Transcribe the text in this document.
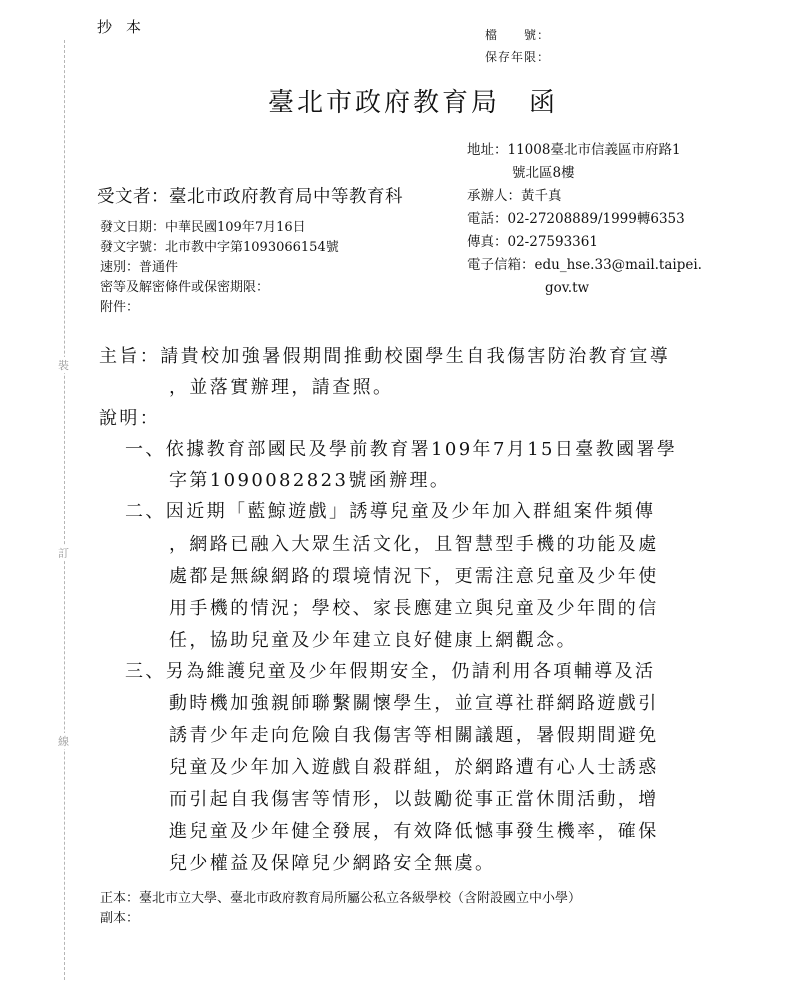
裝
訂
線
抄本	檔　　號：
保存年限：
臺北市政府教育局　函
地址：11008臺北市信義區市府路1
號北區8樓
承辦人：黃千真
電話：02-27208889/1999轉6353
傳真：02-27593361
電子信箱：edu_hse.33@mail.taipei.
gov.tw
受文者：臺北市政府教育局中等教育科
發文日期：中華民國109年7月16日
發文字號：北市教中字第1093066154號
速別：普通件
密等及解密條件或保密期限：
附件：
主旨：請貴校加強暑假期間推動校園學生自我傷害防治教育宣導
，並落實辦理，請查照。
說明：
一、依據教育部國民及學前教育署109年7月15日臺教國署學
字第1090082823號函辦理。
二、因近期「藍鯨遊戲」誘導兒童及少年加入群組案件頻傳
，網路已融入大眾生活文化，且智慧型手機的功能及處
處都是無線網路的環境情況下，更需注意兒童及少年使
用手機的情況；學校、家長應建立與兒童及少年間的信
任，協助兒童及少年建立良好健康上網觀念。
三、另為維護兒童及少年假期安全，仍請利用各項輔導及活
動時機加強親師聯繫關懷學生，並宣導社群網路遊戲引
誘青少年走向危險自我傷害等相關議題，暑假期間避免
兒童及少年加入遊戲自殺群組，於網路遭有心人士誘惑
而引起自我傷害等情形，以鼓勵從事正當休閒活動，增
進兒童及少年健全發展，有效降低憾事發生機率，確保
兒少權益及保障兒少網路安全無虞。
正本：臺北市立大學、臺北市政府教育局所屬公私立各級學校（含附設國立中小學）
副本：
